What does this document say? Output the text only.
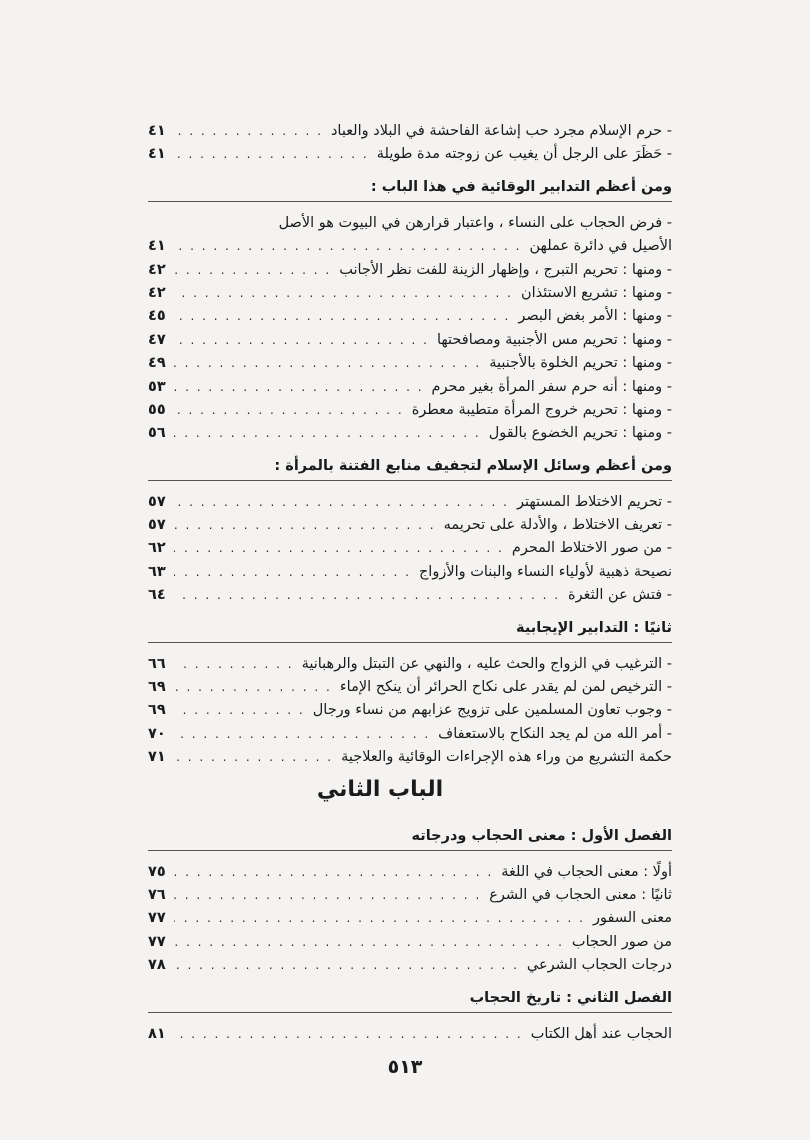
- حرم الإسلام مجرد حب إشاعة الفاحشة في البلاد والعباد
. . .
٤١
- حَظَرَ على الرجل أن يغيب عن زوجته مدة طويلة
. . .
٤١
ومن أعظم التدابير الوقائية في هذا الباب :
- فرض الحجاب على النساء ، واعتبار قرارهن في البيوت هو الأصل
الأصيل في دائرة عملهن
. . .
٤١
- ومنها : تحريم التبرج ، وإظهار الزينة للفت نظر الأجانب
. . .
٤٢
- ومنها : تشريع الاستئذان
. . .
٤٢
- ومنها : الأمر بغض البصر
. . .
٤٥
- ومنها : تحريم مس الأجنبية ومصافحتها
. . .
٤٧
- ومنها : تحريم الخلوة بالأجنبية
. . .
٤٩
- ومنها : أنه حرم سفر المرأة بغير محرم
. . .
٥٣
- ومنها : تحريم خروج المرأة متطيبة معطرة
. . .
٥٥
- ومنها : تحريم الخضوع بالقول
. . .
٥٦
ومن أعظم وسائل الإسلام لتجفيف منابع الفتنة بالمرأة :
- تحريم الاختلاط المستهتر
. . .
٥٧
- تعريف الاختلاط ، والأدلة على تحريمه
. . .
٥٧
- من صور الاختلاط المحرم
. . .
٦٢
نصيحة ذهبية لأولياء النساء والبنات والأزواج
. . .
٦٣
- فتش عن الثغرة
. . .
٦٤
ثانيًا : التدابير الإيجابية
- الترغيب في الزواج والحث عليه ، والنهي عن التبتل والرهبانية
. . .
٦٦
- الترخيص لمن لم يقدر على نكاح الحرائر أن ينكح الإماء
. . .
٦٩
- وجوب تعاون المسلمين على تزويج عزابهم من نساء ورجال
. . .
٦٩
- أمر الله من لم يجد النكاح بالاستعفاف
. . .
٧٠
حكمة التشريع من وراء هذه الإجراءات الوقائية والعلاجية
. . .
٧١
الباب الثاني
الفصل الأول : معنى الحجاب ودرجاته
أولًا : معنى الحجاب في اللغة
. . .
٧٥
ثانيًا : معنى الحجاب في الشرع
. . .
٧٦
معنى السفور
. . .
٧٧
من صور الحجاب
. . .
٧٧
درجات الحجاب الشرعي
. . .
٧٨
الفصل الثاني : تاريخ الحجاب
الحجاب عند أهل الكتاب
. . .
٨١
٥١٣
